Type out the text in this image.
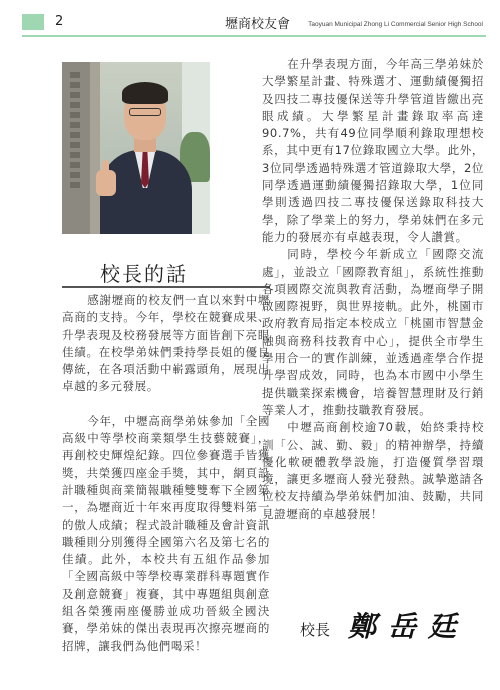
2	壢商校友會	Taoyuan Municipal Zhong Li Commercial Senior High School
校長的話

感謝壢商的校友們一直以來對中壢高商的支持。今年，學校在競賽成果、升學表現及校務發展等方面皆創下亮眼佳績。在校學弟妹們秉持學長姐的優良傳統，在各項活動中嶄露頭角，展現出卓越的多元發展。

今年，中壢高商學弟妹參加「全國高級中等學校商業類學生技藝競賽」，再創校史輝煌紀錄。四位參賽選手皆獲獎，共榮獲四座金手獎，其中，網頁設計職種與商業簡報職種雙雙奪下全國第一，為壢商近十年來再度取得雙料第一的傲人成績；程式設計職種及會計資訊職種則分別獲得全國第六名及第七名的佳績。此外，本校共有五組作品參加「全國高級中等學校專業群科專題實作及創意競賽」複賽，其中專題組與創意組各榮獲兩座優勝並成功晉級全國決賽，學弟妹的傑出表現再次擦亮壢商的招牌，讓我們為他們喝采！

在升學表現方面，今年高三學弟妹於大學繁星計畫、特殊選才、運動績優獨招及四技二專技優保送等升學管道皆繳出亮眼成績。大學繁星計畫錄取率高達90.7%，共有49位同學順利錄取理想校系，其中更有17位錄取國立大學。此外，3位同學透過特殊選才管道錄取大學，2位同學透過運動績優獨招錄取大學，1位同學則透過四技二專技優保送錄取科技大學，除了學業上的努力，學弟妹們在多元能力的發展亦有卓越表現，令人讚賞。

同時，學校今年新成立「國際交流處」，並設立「國際教育組」，系統性推動各項國際交流與教育活動，為壢商學子開啟國際視野，與世界接軌。此外，桃園市政府教育局指定本校成立「桃園市智慧金融與商務科技教育中心」，提供全市學生學用合一的實作訓練，並透過產學合作提升學習成效，同時，也為本市國中小學生提供職業探索機會，培養智慧理財及行銷等業人才，推動技職教育發展。

中壢高商創校逾70載，始終秉持校訓「公、誠、勤、毅」的精神辦學，持續優化軟硬體教學設施，打造優質學習環境，讓更多壢商人發光發熱。誠摯邀請各位校友持續為學弟妹們加油、鼓勵，共同見證壢商的卓越發展！

校長 鄭岳廷
